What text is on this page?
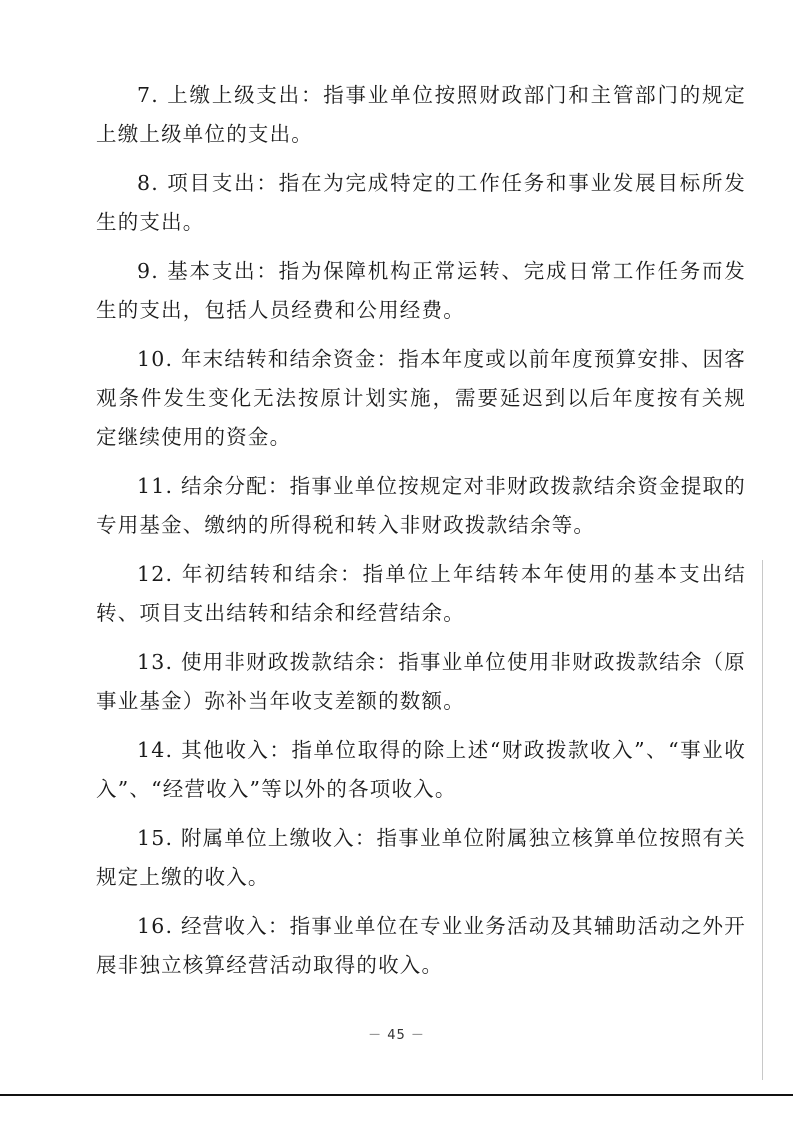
7. 上缴上级支出：指事业单位按照财政部门和主管部门的规定上缴上级单位的支出。

8. 项目支出：指在为完成特定的工作任务和事业发展目标所发生的支出。

9. 基本支出：指为保障机构正常运转、完成日常工作任务而发生的支出，包括人员经费和公用经费。

10. 年末结转和结余资金：指本年度或以前年度预算安排、因客观条件发生变化无法按原计划实施，需要延迟到以后年度按有关规定继续使用的资金。

11. 结余分配：指事业单位按规定对非财政拨款结余资金提取的专用基金、缴纳的所得税和转入非财政拨款结余等。

12. 年初结转和结余：指单位上年结转本年使用的基本支出结转、项目支出结转和结余和经营结余。

13. 使用非财政拨款结余：指事业单位使用非财政拨款结余（原事业基金）弥补当年收支差额的数额。

14. 其他收入：指单位取得的除上述“财政拨款收入”、“事业收入”、“经营收入”等以外的各项收入。

15. 附属单位上缴收入：指事业单位附属独立核算单位按照有关规定上缴的收入。

16. 经营收入：指事业单位在专业业务活动及其辅助活动之外开展非独立核算经营活动取得的收入。

－ 45 －
